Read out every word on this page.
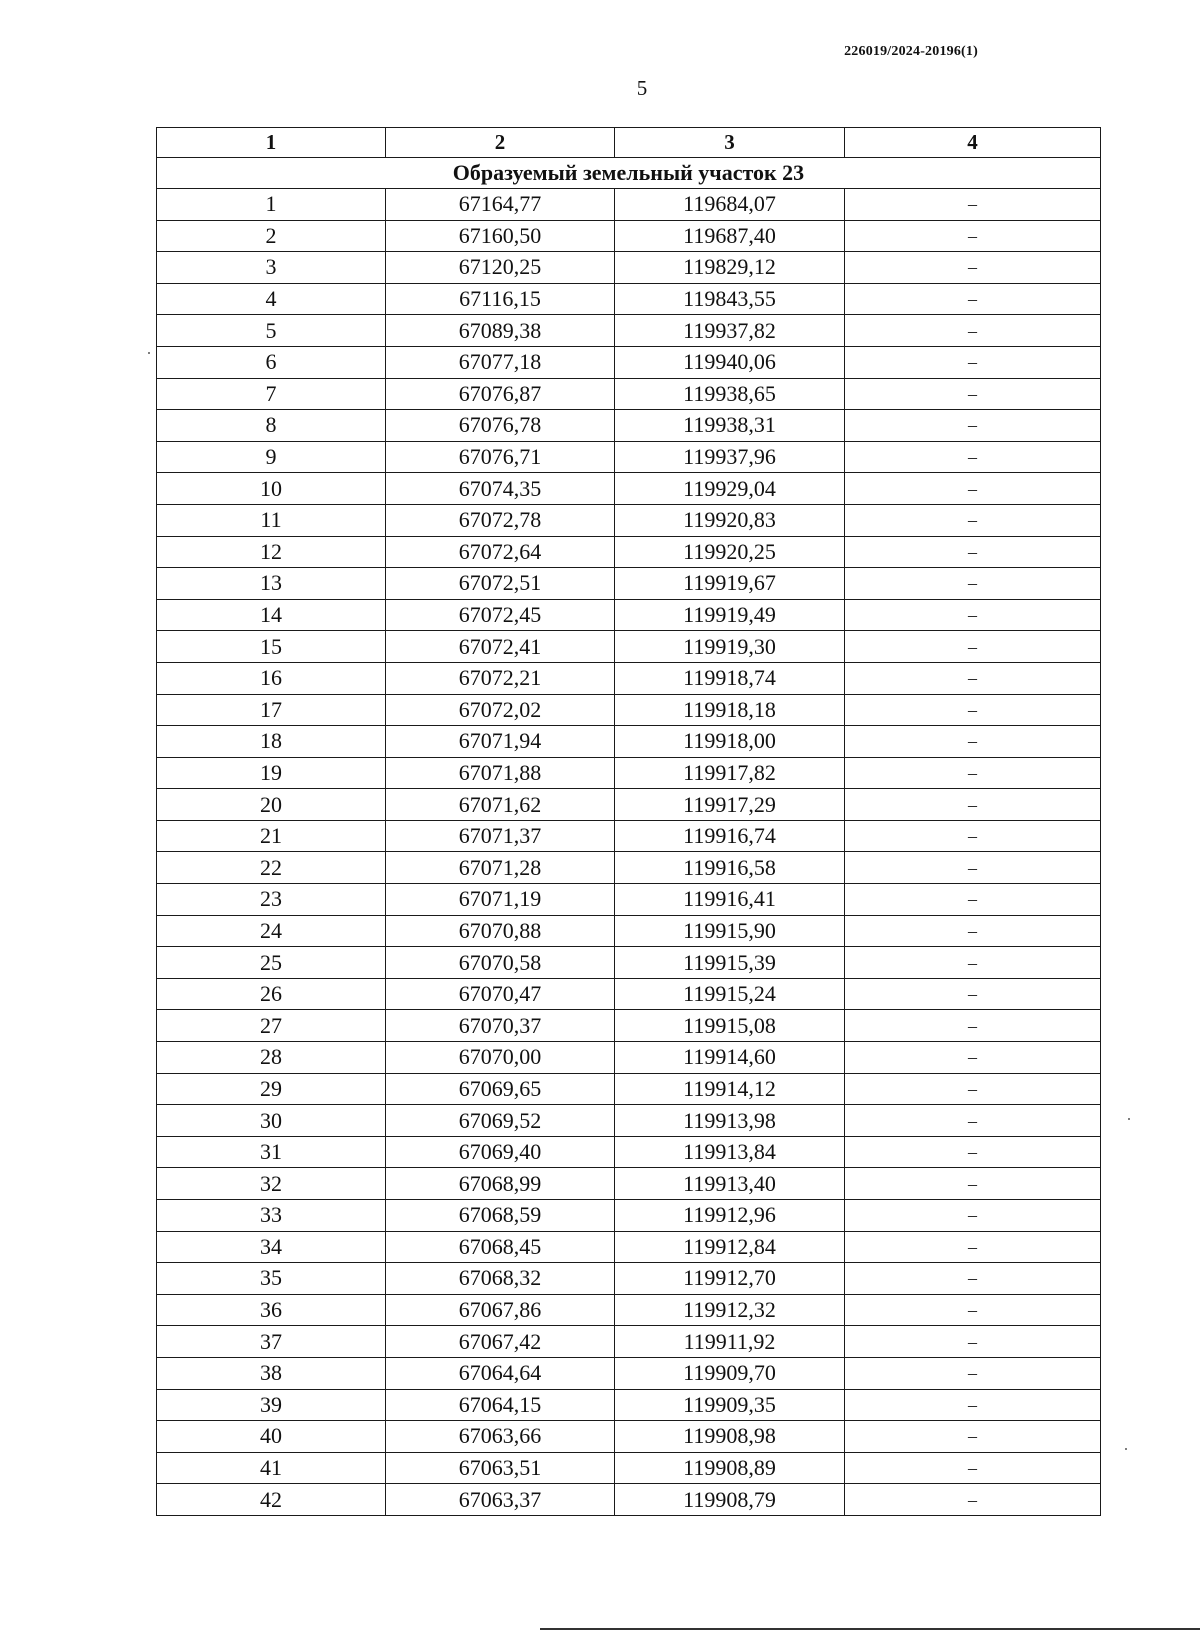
226019/2024-20196(1)
5
1	2	3	4
Образуемый земельный участок 23			
1	67164,77	119684,07	–
2	67160,50	119687,40	–
3	67120,25	119829,12	–
4	67116,15	119843,55	–
5	67089,38	119937,82	–
6	67077,18	119940,06	–
7	67076,87	119938,65	–
8	67076,78	119938,31	–
9	67076,71	119937,96	–
10	67074,35	119929,04	–
11	67072,78	119920,83	–
12	67072,64	119920,25	–
13	67072,51	119919,67	–
14	67072,45	119919,49	–
15	67072,41	119919,30	–
16	67072,21	119918,74	–
17	67072,02	119918,18	–
18	67071,94	119918,00	–
19	67071,88	119917,82	–
20	67071,62	119917,29	–
21	67071,37	119916,74	–
22	67071,28	119916,58	–
23	67071,19	119916,41	–
24	67070,88	119915,90	–
25	67070,58	119915,39	–
26	67070,47	119915,24	–
27	67070,37	119915,08	–
28	67070,00	119914,60	–
29	67069,65	119914,12	–
30	67069,52	119913,98	–
31	67069,40	119913,84	–
32	67068,99	119913,40	–
33	67068,59	119912,96	–
34	67068,45	119912,84	–
35	67068,32	119912,70	–
36	67067,86	119912,32	–
37	67067,42	119911,92	–
38	67064,64	119909,70	–
39	67064,15	119909,35	–
40	67063,66	119908,98	–
41	67063,51	119908,89	–
42	67063,37	119908,79	–
